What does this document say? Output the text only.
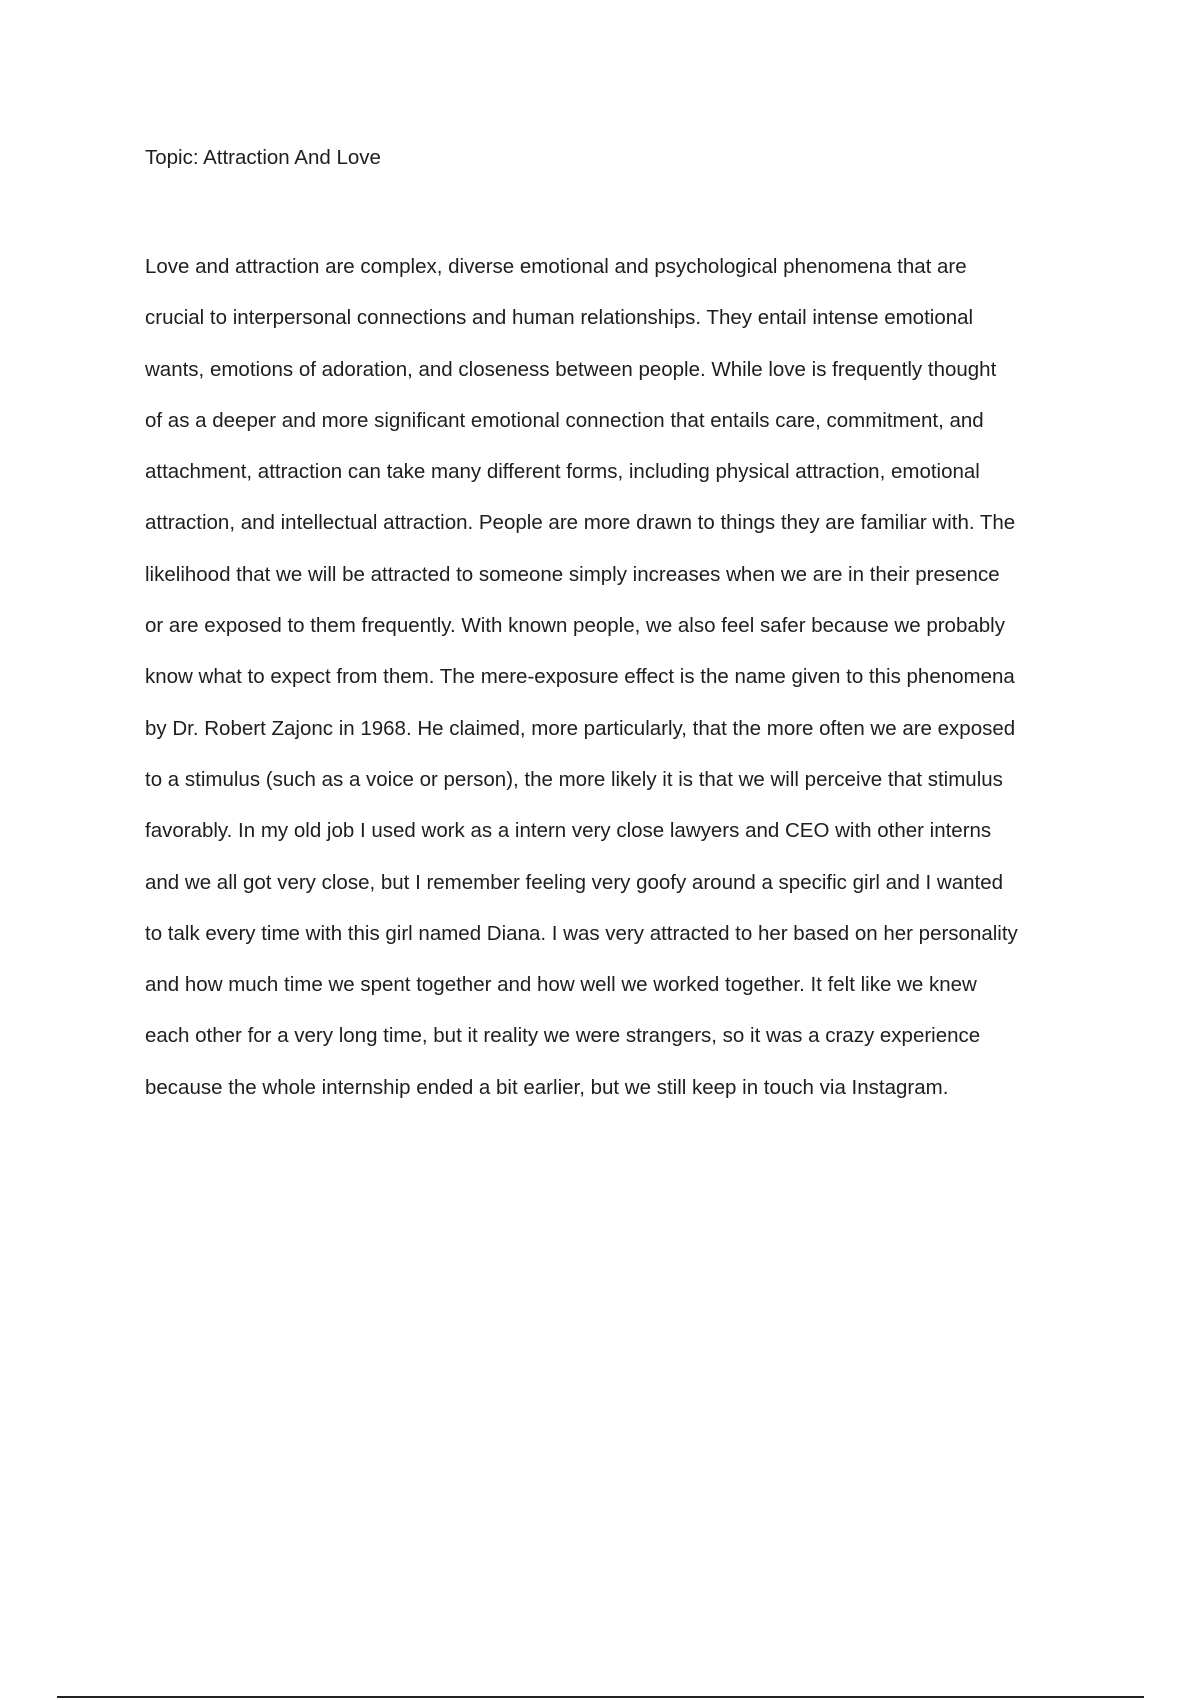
Topic: Attraction And Love
Love and attraction are complex, diverse emotional and psychological phenomena that are
crucial to interpersonal connections and human relationships. They entail intense emotional
wants, emotions of adoration, and closeness between people. While love is frequently thought
of as a deeper and more significant emotional connection that entails care, commitment, and
attachment, attraction can take many different forms, including physical attraction, emotional
attraction, and intellectual attraction. People are more drawn to things they are familiar with. The
likelihood that we will be attracted to someone simply increases when we are in their presence
or are exposed to them frequently. With known people, we also feel safer because we probably
know what to expect from them. The mere-exposure effect is the name given to this phenomena
by Dr. Robert Zajonc in 1968. He claimed, more particularly, that the more often we are exposed
to a stimulus (such as a voice or person), the more likely it is that we will perceive that stimulus
favorably. In my old job I used work as a intern very close lawyers and CEO with other interns
and we all got very close, but I remember feeling very goofy around a specific girl and I wanted
to talk every time with this girl named Diana. I was very attracted to her based on her personality
and how much time we spent together and how well we worked together. It felt like we knew
each other for a very long time, but it reality we were strangers, so it was a crazy experience
because the whole internship ended a bit earlier, but we still keep in touch via Instagram.
